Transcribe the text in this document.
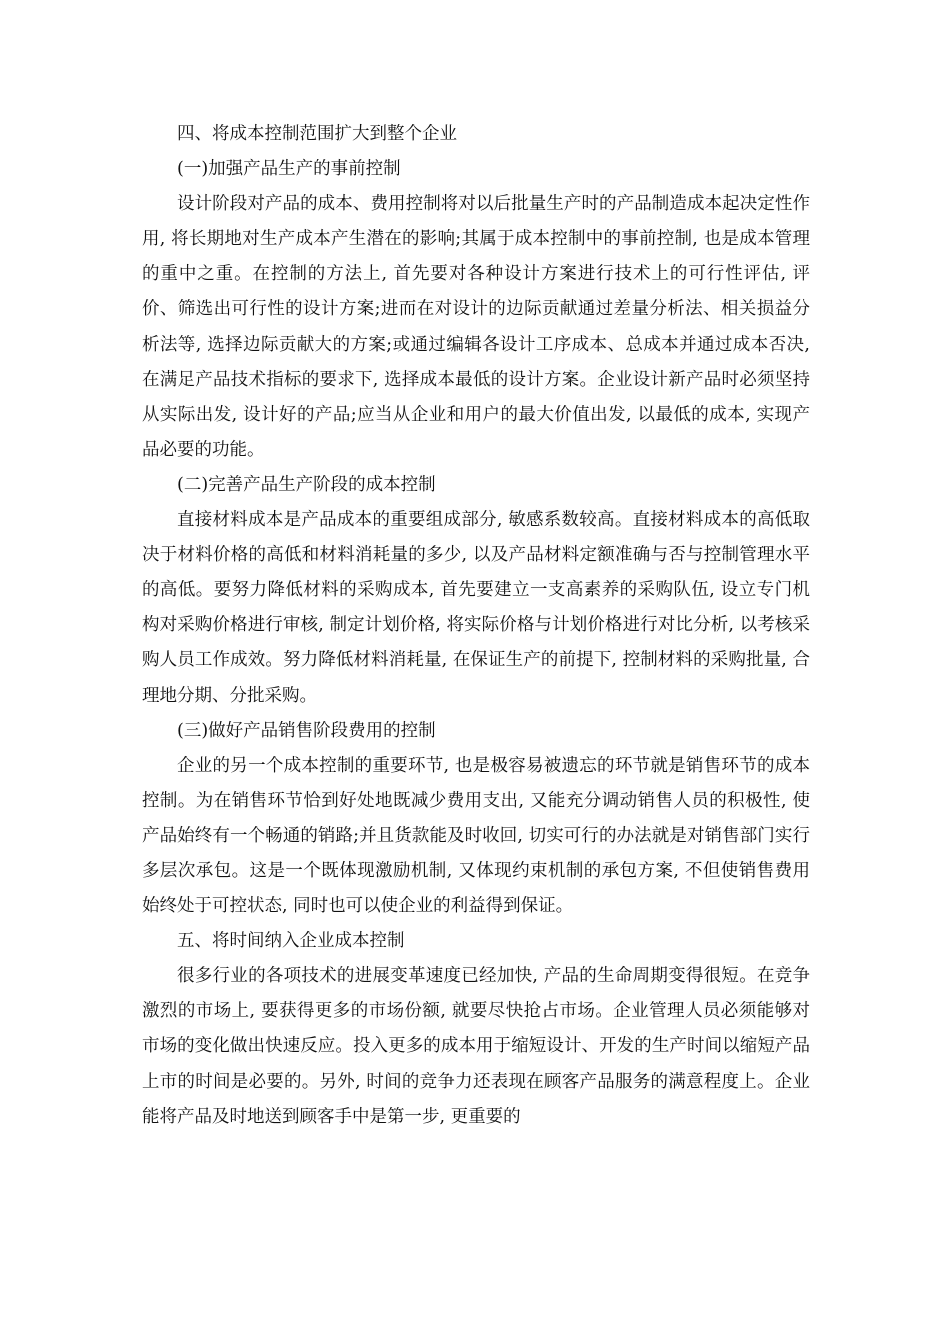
四、将成本控制范围扩大到整个企业

(一)加强产品生产的事前控制

设计阶段对产品的成本、费用控制将对以后批量生产时的产品制造成本起决定性作用, 将长期地对生产成本产生潜在的影响;其属于成本控制中的事前控制, 也是成本管理的重中之重。在控制的方法上, 首先要对各种设计方案进行技术上的可行性评估, 评价、筛选出可行性的设计方案;进而在对设计的边际贡献通过差量分析法、相关损益分析法等, 选择边际贡献大的方案;或通过编辑各设计工序成本、总成本并通过成本否决, 在满足产品技术指标的要求下, 选择成本最低的设计方案。企业设计新产品时必须坚持从实际出发, 设计好的产品;应当从企业和用户的最大价值出发, 以最低的成本, 实现产品必要的功能。

(二)完善产品生产阶段的成本控制

直接材料成本是产品成本的重要组成部分, 敏感系数较高。直接材料成本的高低取决于材料价格的高低和材料消耗量的多少, 以及产品材料定额准确与否与控制管理水平的高低。要努力降低材料的采购成本, 首先要建立一支高素养的采购队伍, 设立专门机构对采购价格进行审核, 制定计划价格, 将实际价格与计划价格进行对比分析, 以考核采购人员工作成效。努力降低材料消耗量, 在保证生产的前提下, 控制材料的采购批量, 合理地分期、分批采购。

(三)做好产品销售阶段费用的控制

企业的另一个成本控制的重要环节, 也是极容易被遗忘的环节就是销售环节的成本控制。为在销售环节恰到好处地既减少费用支出, 又能充分调动销售人员的积极性, 使产品始终有一个畅通的销路;并且货款能及时收回, 切实可行的办法就是对销售部门实行多层次承包。这是一个既体现激励机制, 又体现约束机制的承包方案, 不但使销售费用始终处于可控状态, 同时也可以使企业的利益得到保证。

五、将时间纳入企业成本控制

很多行业的各项技术的进展变革速度已经加快, 产品的生命周期变得很短。在竞争激烈的市场上, 要获得更多的市场份额, 就要尽快抢占市场。企业管理人员必须能够对市场的变化做出快速反应。投入更多的成本用于缩短设计、开发的生产时间以缩短产品上市的时间是必要的。另外, 时间的竞争力还表现在顾客产品服务的满意程度上。企业能将产品及时地送到顾客手中是第一步, 更重要的
